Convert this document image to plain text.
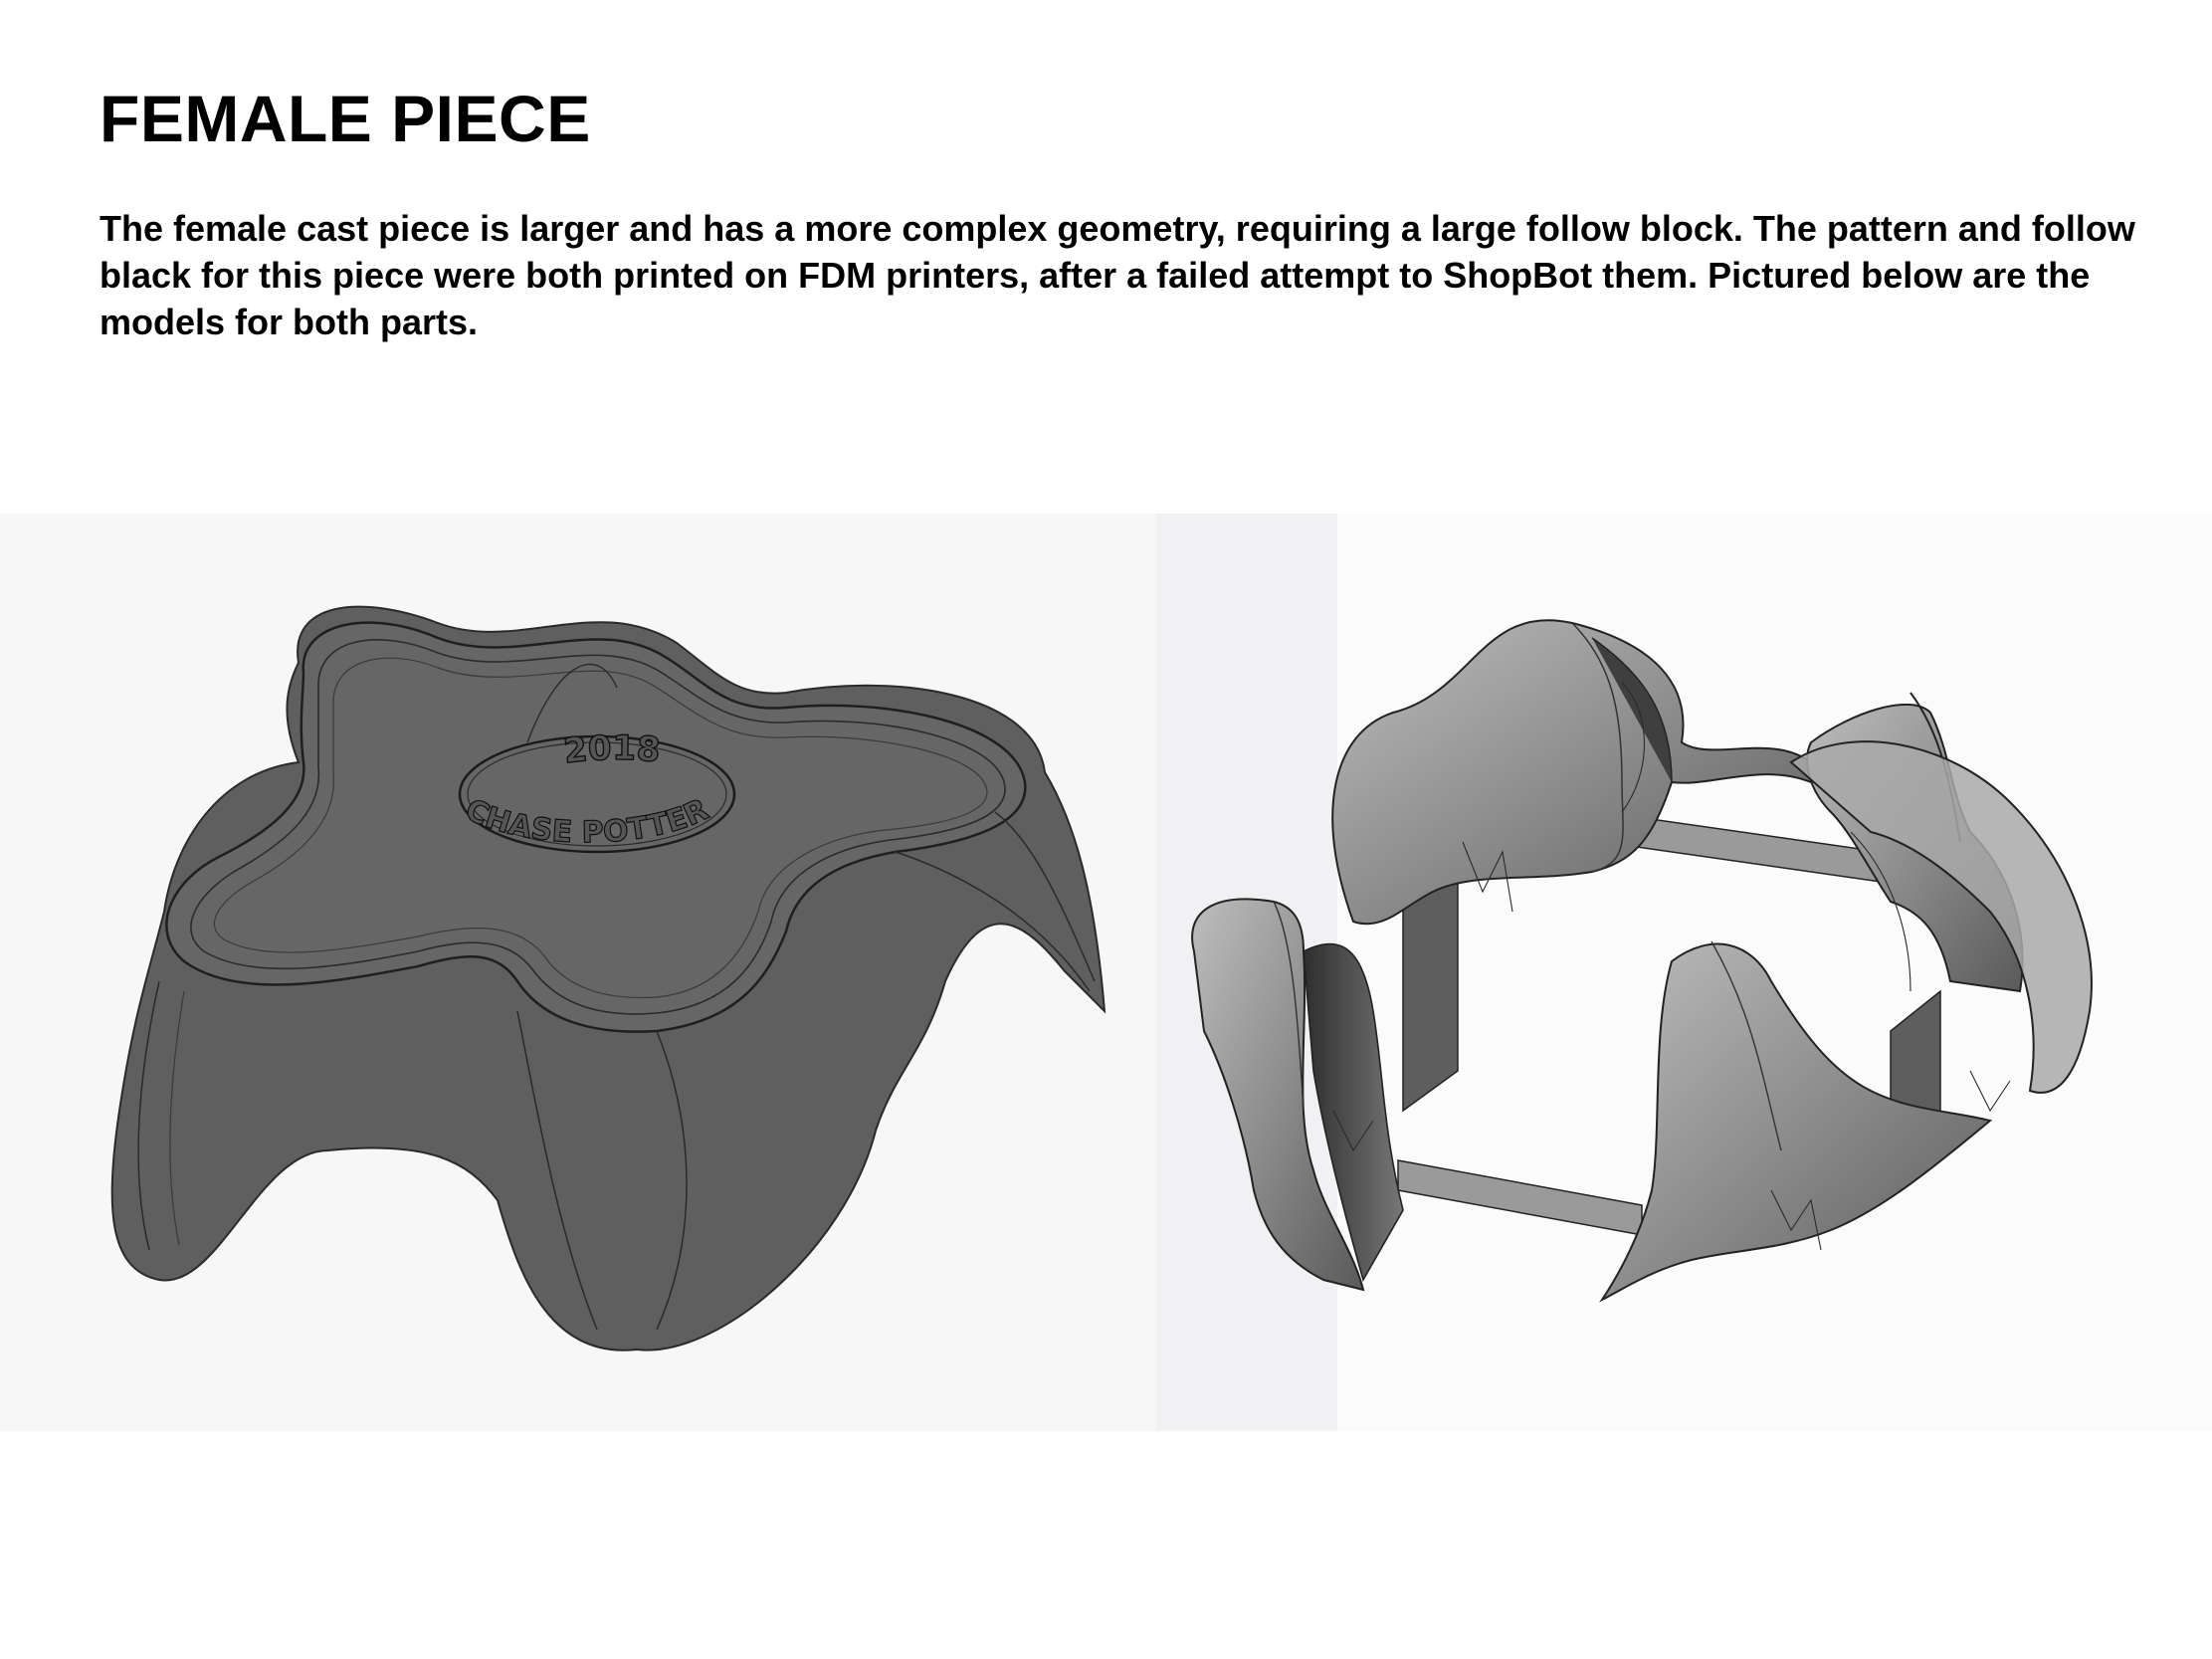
FEMALE PIECE

The female cast piece is larger and has a more complex geometry, requiring a large follow block. The pattern and follow black for this piece were both printed on FDM printers, after a failed attempt to ShopBot them. Pictured below are the models for both parts.

2018
CHASE POTTER
